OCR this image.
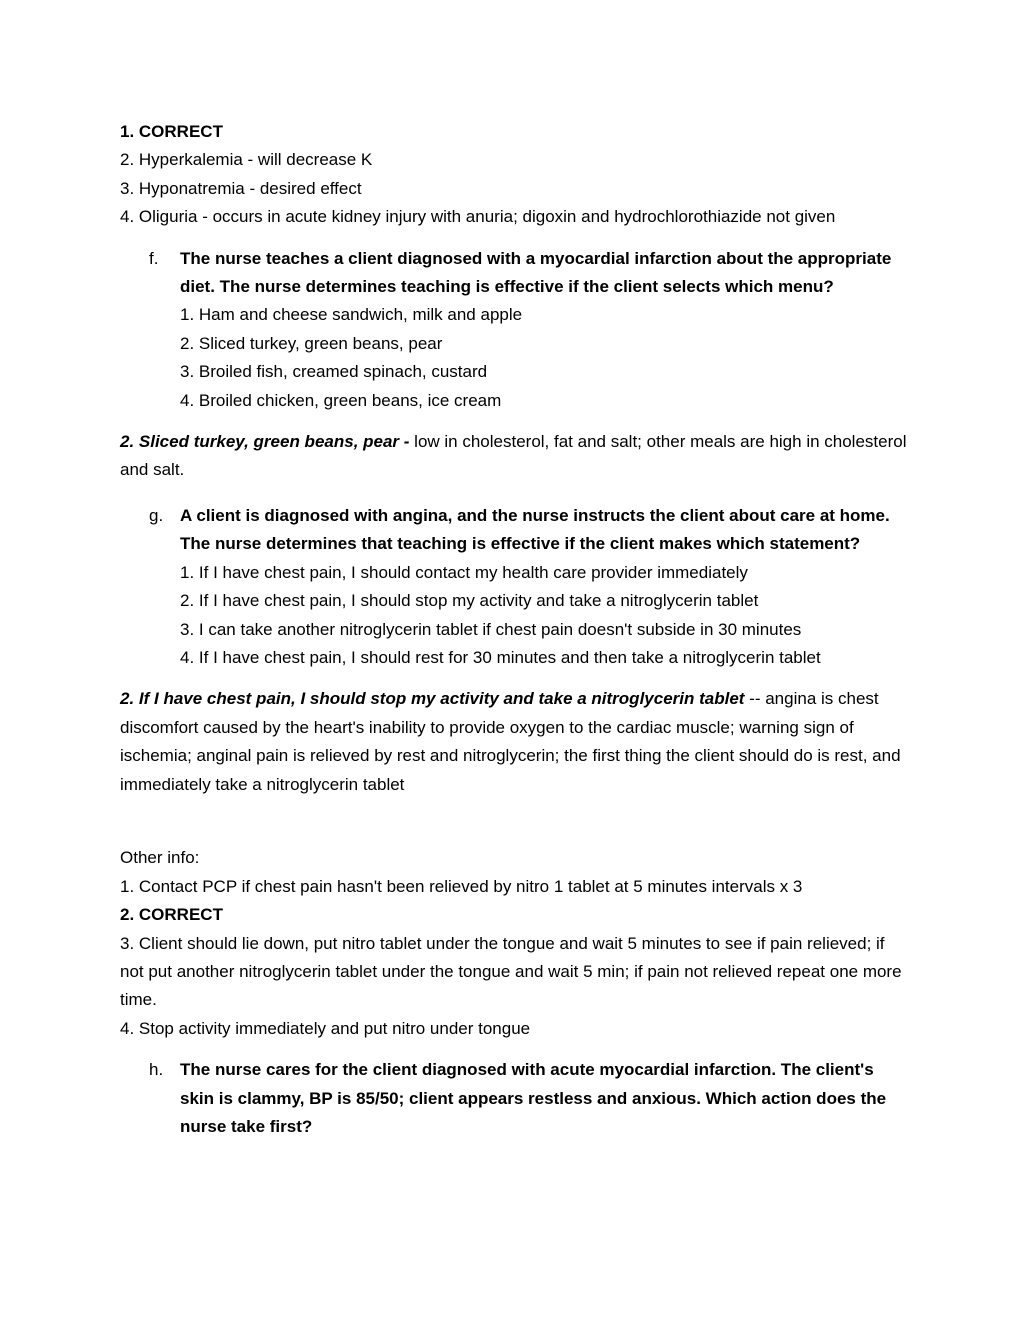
1. CORRECT

2. Hyperkalemia - will decrease K

3. Hyponatremia - desired effect

4. Oliguria - occurs in acute kidney injury with anuria; digoxin and hydrochlorothiazide not given

f. The nurse teaches a client diagnosed with a myocardial infarction about the appropriate diet. The nurse determines teaching is effective if the client selects which menu?

1. Ham and cheese sandwich, milk and apple
2. Sliced turkey, green beans, pear
3. Broiled fish, creamed spinach, custard
4. Broiled chicken, green beans, ice cream

2. Sliced turkey, green beans, pear - low in cholesterol, fat and salt; other meals are high in cholesterol and salt.

g. A client is diagnosed with angina, and the nurse instructs the client about care at home. The nurse determines that teaching is effective if the client makes which statement?

1. If I have chest pain, I should contact my health care provider immediately
2. If I have chest pain, I should stop my activity and take a nitroglycerin tablet
3. I can take another nitroglycerin tablet if chest pain doesn't subside in 30 minutes
4. If I have chest pain, I should rest for 30 minutes and then take a nitroglycerin tablet

2. If I have chest pain, I should stop my activity and take a nitroglycerin tablet -- angina is chest discomfort caused by the heart's inability to provide oxygen to the cardiac muscle; warning sign of ischemia; anginal pain is relieved by rest and nitroglycerin; the first thing the client should do is rest, and immediately take a nitroglycerin tablet

Other info:

1. Contact PCP if chest pain hasn't been relieved by nitro 1 tablet at 5 minutes intervals x 3

2. CORRECT

3. Client should lie down, put nitro tablet under the tongue and wait 5 minutes to see if pain relieved; if not put another nitroglycerin tablet under the tongue and wait 5 min; if pain not relieved repeat one more time.

4. Stop activity immediately and put nitro under tongue

h. The nurse cares for the client diagnosed with acute myocardial infarction. The client's skin is clammy, BP is 85/50; client appears restless and anxious. Which action does the nurse take first?
